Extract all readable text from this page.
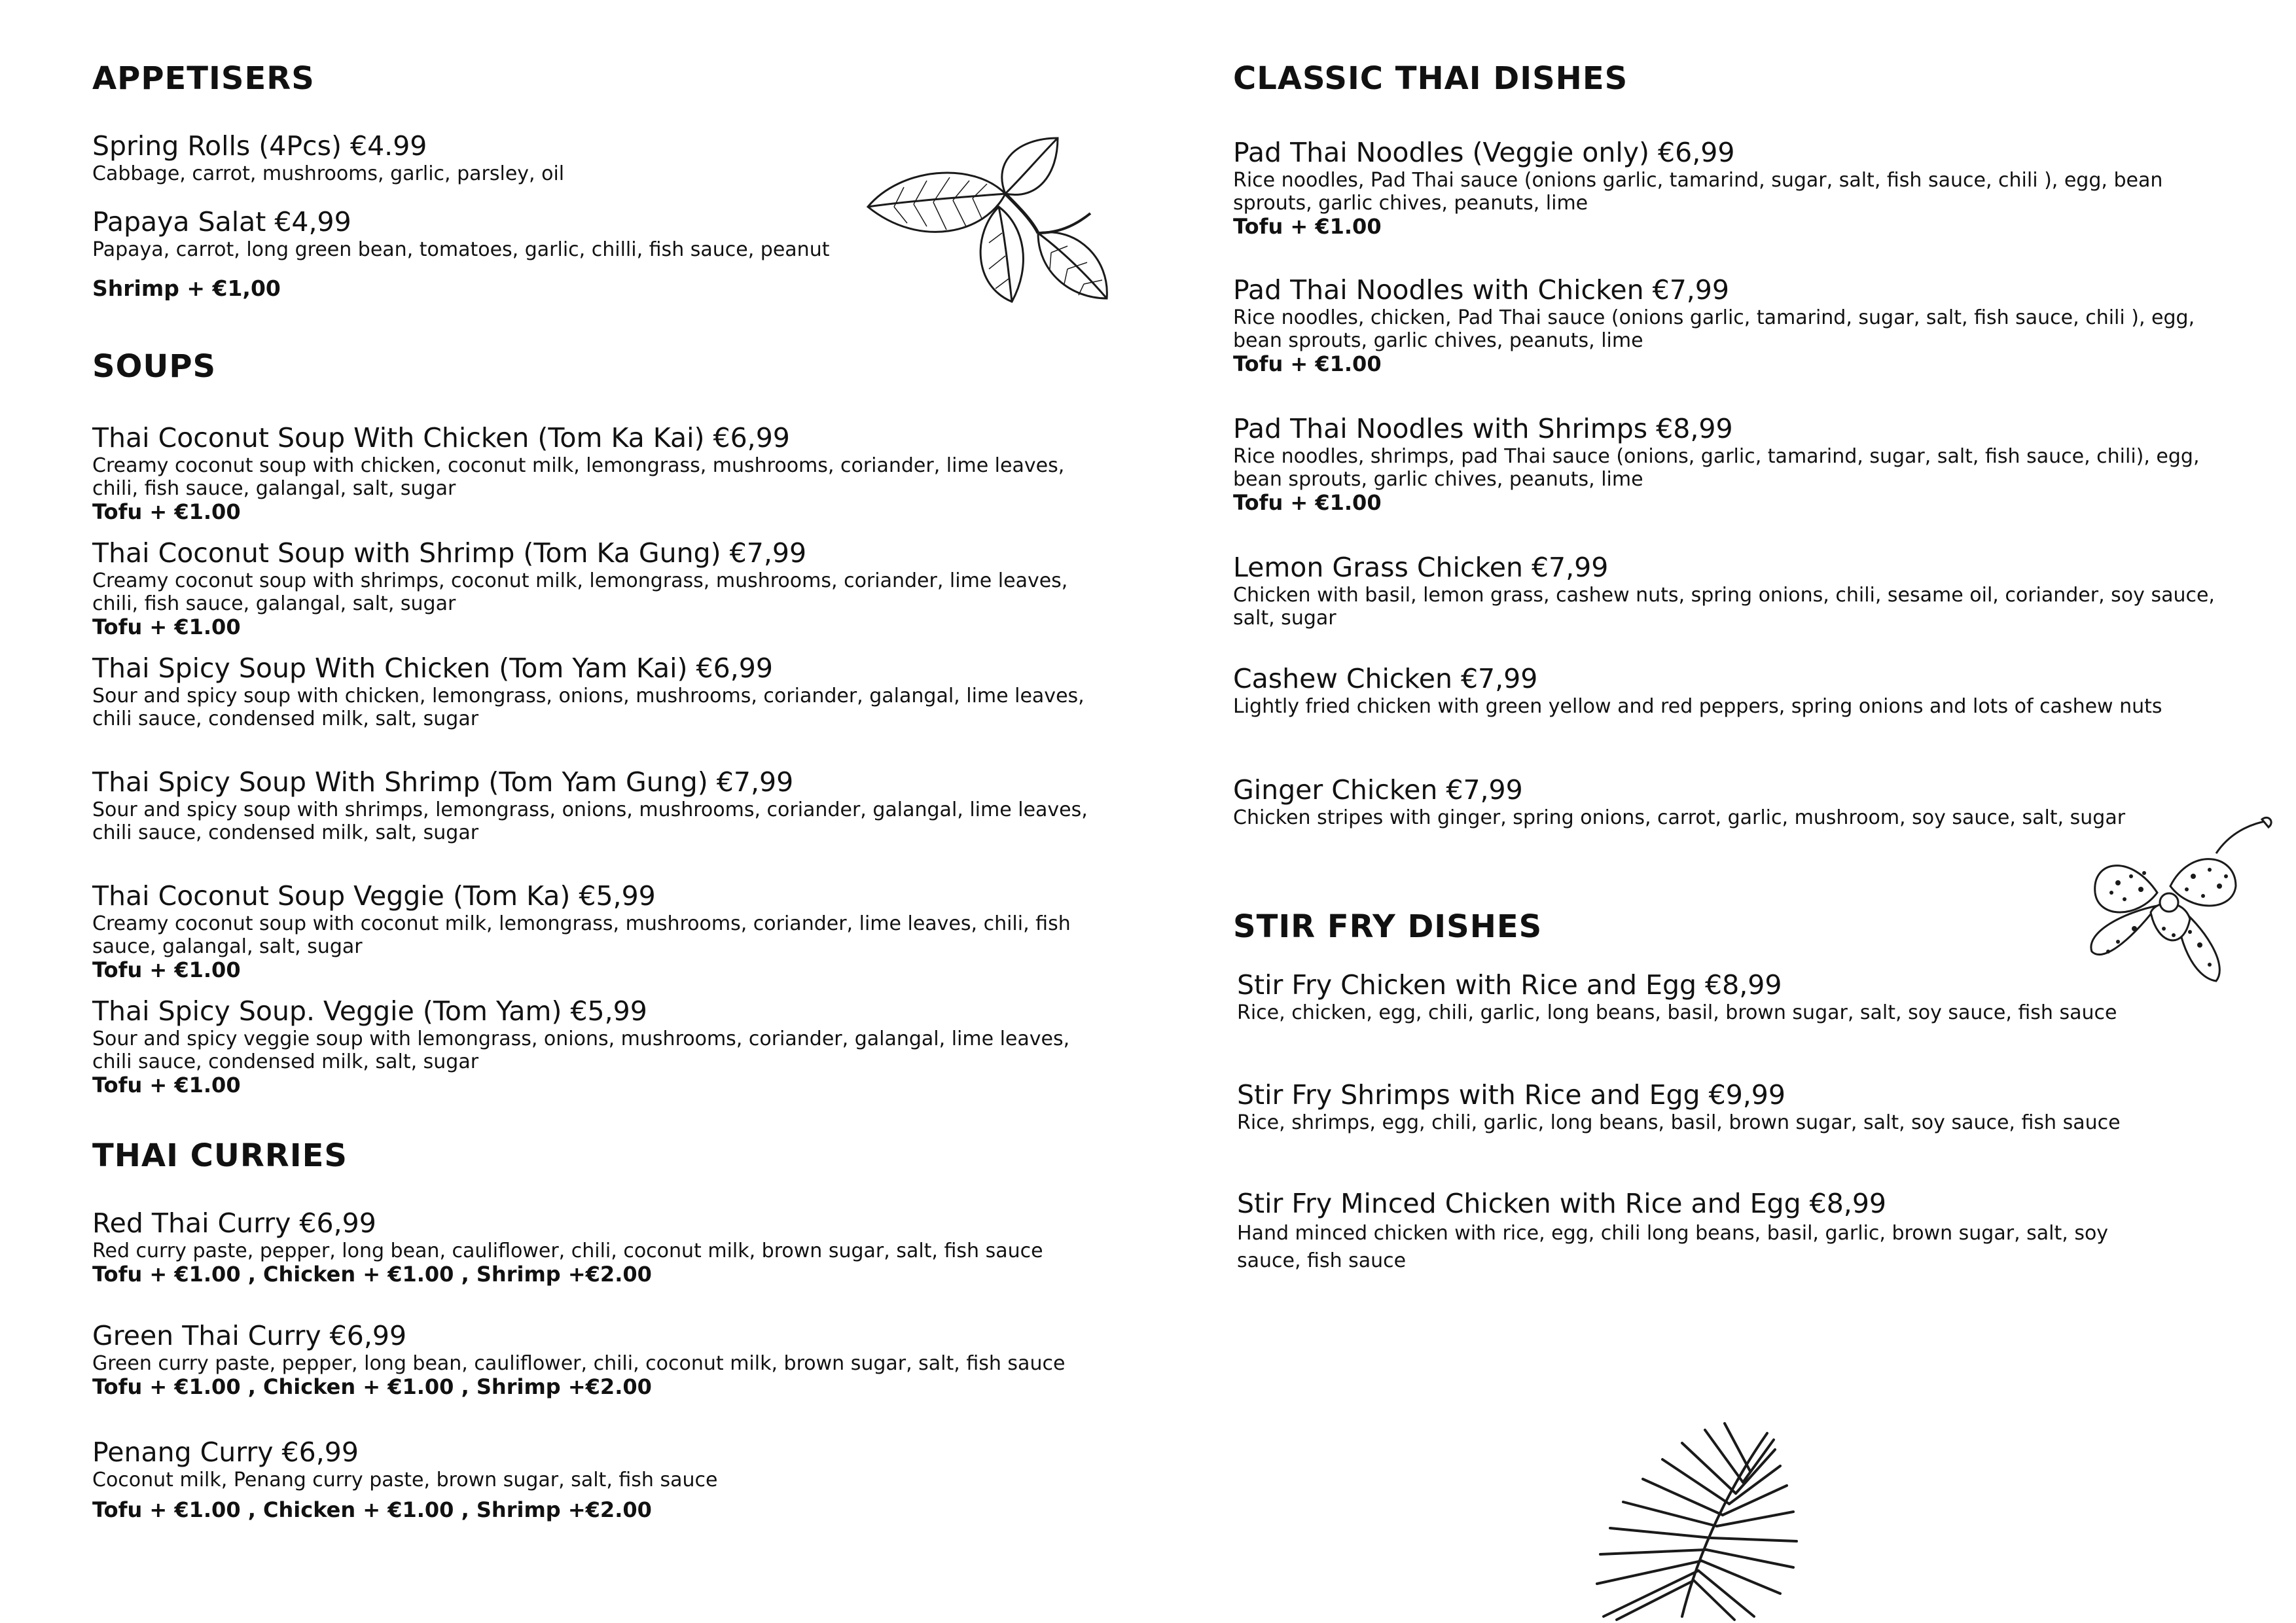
APPETISERS
Spring Rolls (4Pcs) €4.99
Cabbage, carrot, mushrooms, garlic, parsley, oil
Papaya Salat €4,99
Papaya, carrot, long green bean, tomatoes, garlic, chilli, fish sauce, peanut
Shrimp + €1,00
SOUPS
Thai Coconut Soup With Chicken (Tom Ka Kai) €6,99
Creamy coconut soup with chicken, coconut milk, lemongrass, mushrooms, coriander, lime leaves, chili, fish sauce, galangal, salt, sugar
Tofu + €1.00
Thai Coconut Soup with Shrimp (Tom Ka Gung) €7,99
Creamy coconut soup with shrimps, coconut milk, lemongrass, mushrooms, coriander, lime leaves, chili, fish sauce, galangal, salt, sugar
Tofu + €1.00
Thai Spicy Soup With Chicken (Tom Yam Kai) €6,99
Sour and spicy soup with chicken, lemongrass, onions, mushrooms, coriander, galangal, lime leaves, chili sauce, condensed milk, salt, sugar
Thai Spicy Soup With Shrimp (Tom Yam Gung) €7,99
Sour and spicy soup with shrimps, lemongrass, onions, mushrooms, coriander, galangal, lime leaves, chili sauce, condensed milk, salt, sugar
Thai Coconut Soup Veggie (Tom Ka) €5,99
Creamy coconut soup with coconut milk, lemongrass, mushrooms, coriander, lime leaves, chili, fish sauce, galangal, salt, sugar
Tofu + €1.00
Thai Spicy Soup. Veggie (Tom Yam) €5,99
Sour and spicy veggie soup with lemongrass, onions, mushrooms, coriander, galangal, lime leaves, chili sauce, condensed milk, salt, sugar
Tofu + €1.00
THAI CURRIES
Red Thai Curry €6,99
Red curry paste, pepper, long bean, cauliflower, chili, coconut milk, brown sugar, salt, fish sauce
Tofu + €1.00 , Chicken + €1.00 , Shrimp +€2.00
Green Thai Curry €6,99
Green curry paste, pepper, long bean, cauliflower, chili, coconut milk, brown sugar, salt, fish sauce
Tofu + €1.00 , Chicken + €1.00 , Shrimp +€2.00
Penang Curry €6,99
Coconut milk, Penang curry paste, brown sugar, salt, fish sauce
Tofu + €1.00 , Chicken + €1.00 , Shrimp +€2.00
CLASSIC THAI DISHES
Pad Thai Noodles (Veggie only) €6,99
Rice noodles, Pad Thai sauce (onions garlic, tamarind, sugar, salt, fish sauce, chili ), egg, bean sprouts, garlic chives, peanuts, lime
Tofu + €1.00
Pad Thai Noodles with Chicken €7,99
Rice noodles, chicken, Pad Thai sauce (onions garlic, tamarind, sugar, salt, fish sauce, chili ), egg, bean sprouts, garlic chives, peanuts, lime
Tofu + €1.00
Pad Thai Noodles with Shrimps €8,99
Rice noodles, shrimps, pad Thai sauce (onions, garlic, tamarind, sugar, salt, fish sauce, chili), egg, bean sprouts, garlic chives, peanuts, lime
Tofu + €1.00
Lemon Grass Chicken €7,99
Chicken with basil, lemon grass, cashew nuts, spring onions, chili, sesame oil, coriander, soy sauce, salt, sugar
Cashew Chicken €7,99
Lightly fried chicken with green yellow and red peppers, spring onions and lots of cashew nuts
Ginger Chicken €7,99
Chicken stripes with ginger, spring onions, carrot, garlic, mushroom, soy sauce, salt, sugar
STIR FRY DISHES
Stir Fry Chicken with Rice and Egg €8,99
Rice, chicken, egg, chili, garlic, long beans, basil, brown sugar, salt, soy sauce, fish sauce
Stir Fry Shrimps with Rice and Egg €9,99
Rice, shrimps, egg, chili, garlic, long beans, basil, brown sugar, salt, soy sauce, fish sauce
Stir Fry Minced Chicken with Rice and Egg €8,99
Hand minced chicken with rice, egg, chili long beans, basil, garlic, brown sugar, salt, soy sauce, fish sauce
